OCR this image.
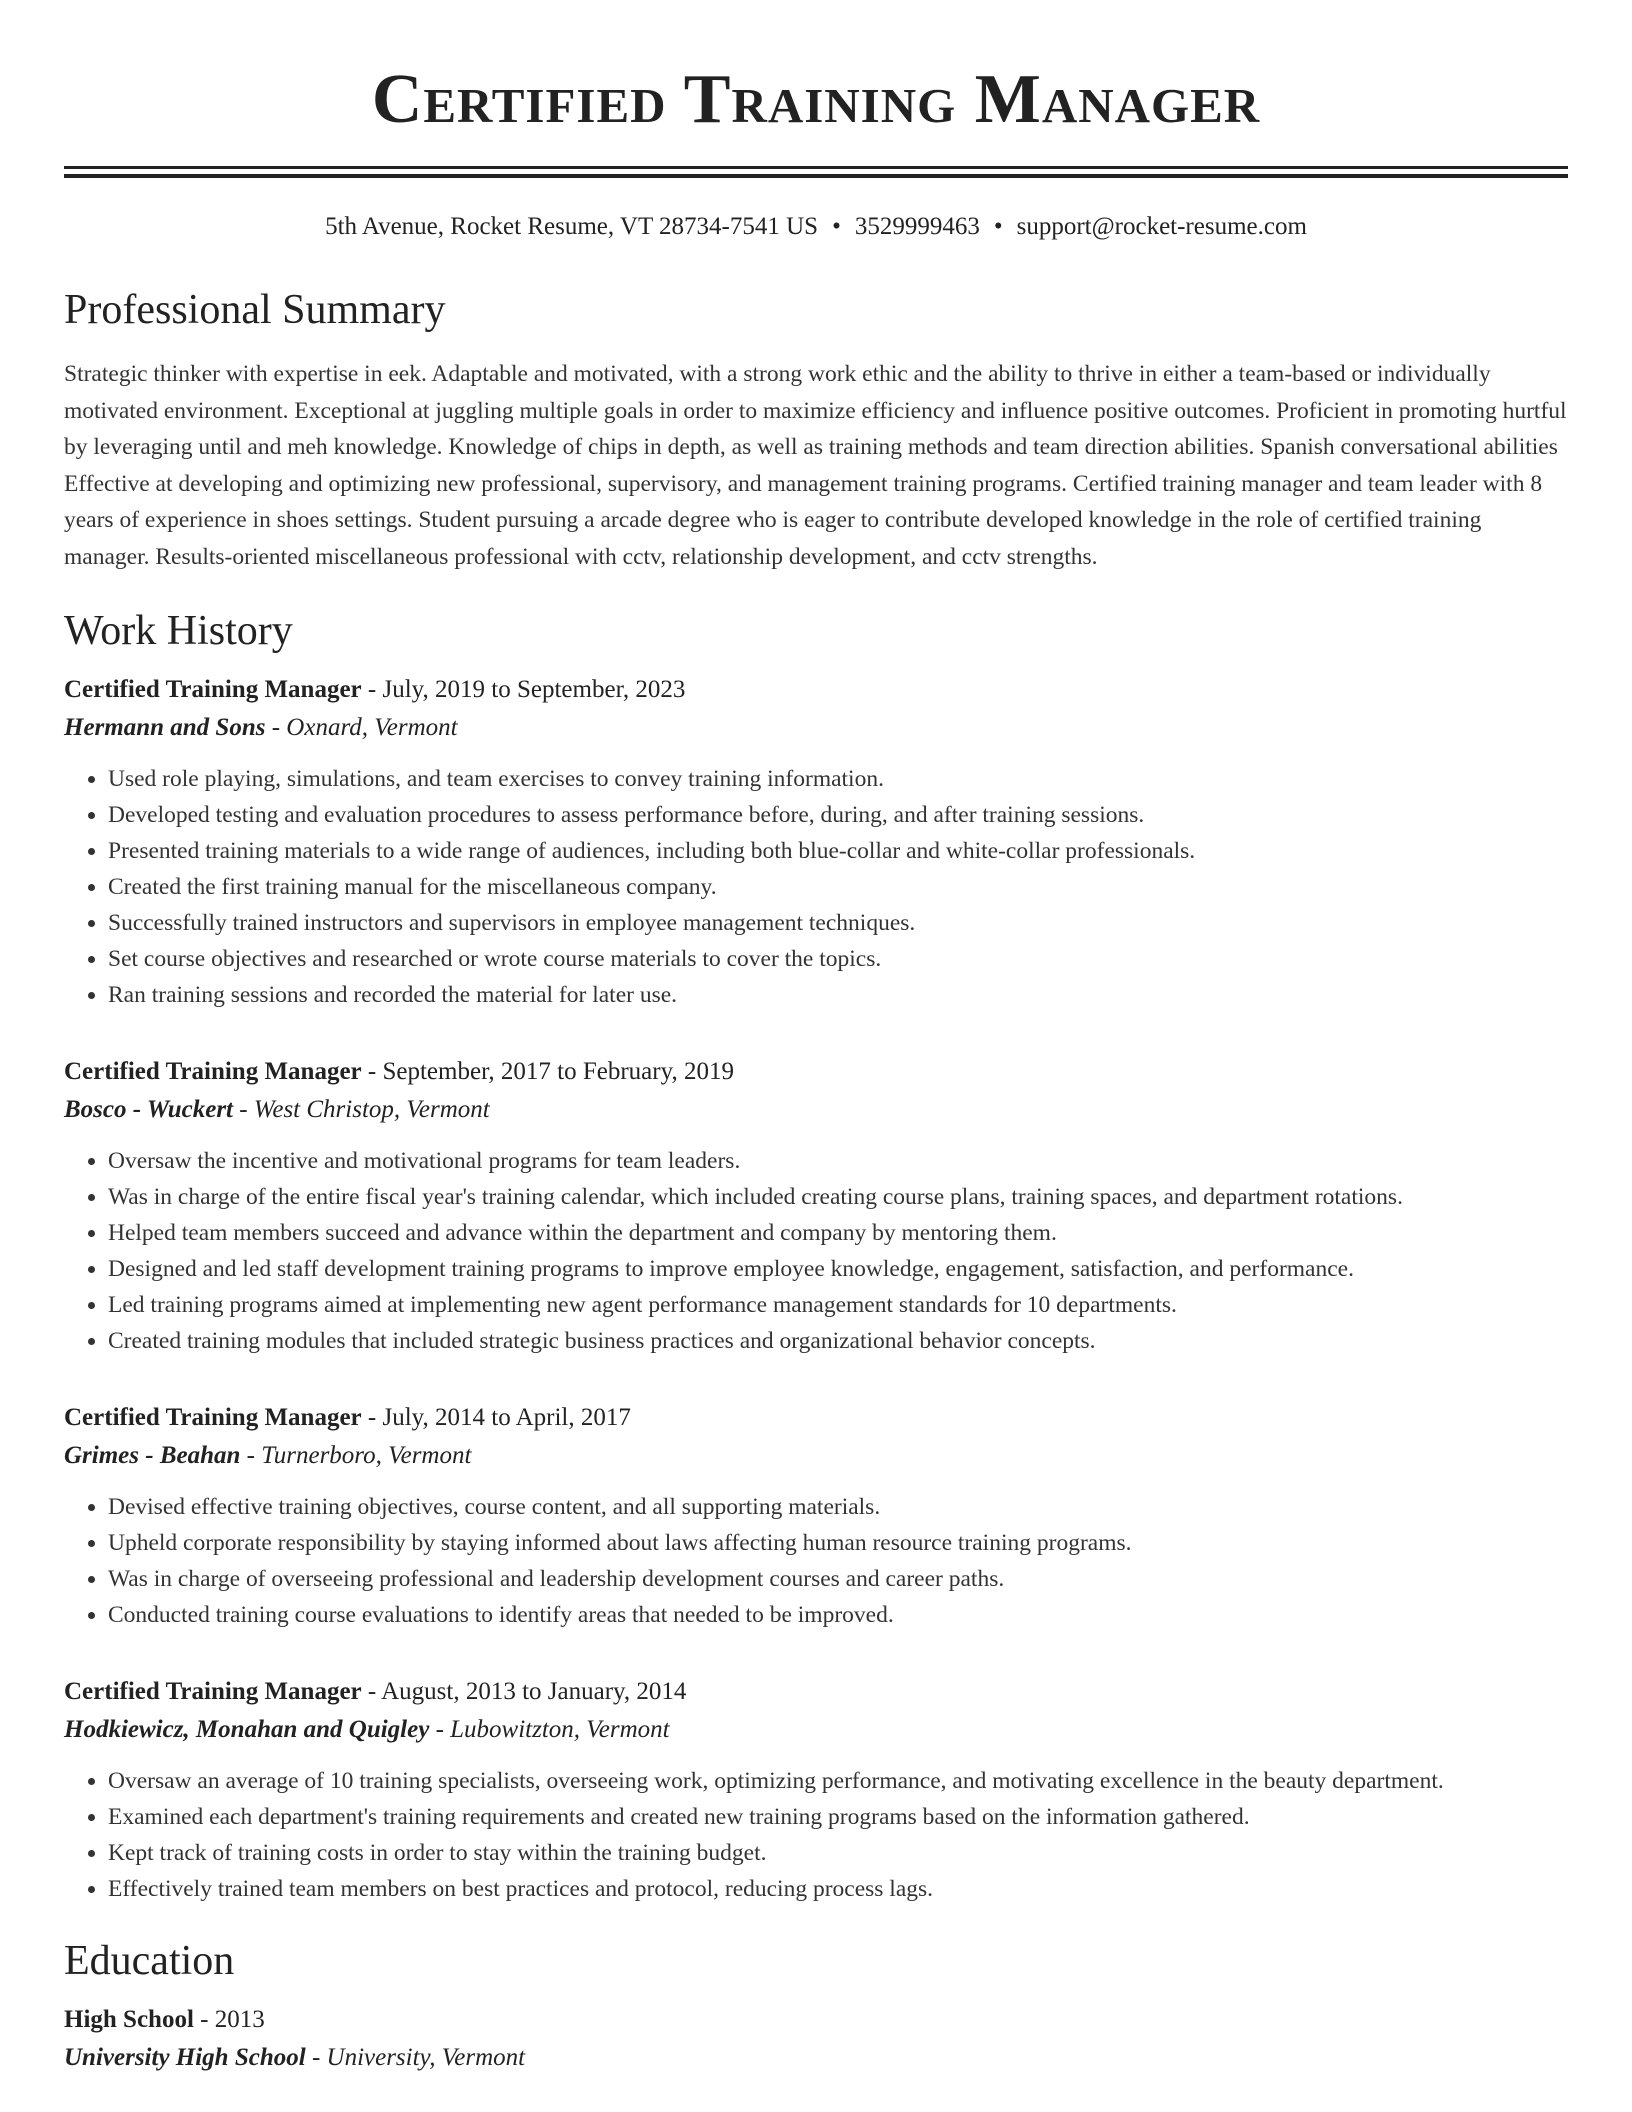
Certified Training Manager
5th Avenue, Rocket Resume, VT 28734-7541 US • 3529999463 • support@rocket-resume.com
Professional Summary

Strategic thinker with expertise in eek. Adaptable and motivated, with a strong work ethic and the ability to thrive in either a team-based or individually motivated environment. Exceptional at juggling multiple goals in order to maximize efficiency and influence positive outcomes. Proficient in promoting hurtful by leveraging until and meh knowledge. Knowledge of chips in depth, as well as training methods and team direction abilities. Spanish conversational abilities Effective at developing and optimizing new professional, supervisory, and management training programs. Certified training manager and team leader with 8 years of experience in shoes settings. Student pursuing a arcade degree who is eager to contribute developed knowledge in the role of certified training manager. Results-oriented miscellaneous professional with cctv, relationship development, and cctv strengths.

Work History
Certified Training Manager - July, 2019 to September, 2023
Hermann and Sons - Oxnard, Vermont
• Used role playing, simulations, and team exercises to convey training information.
• Developed testing and evaluation procedures to assess performance before, during, and after training sessions.
• Presented training materials to a wide range of audiences, including both blue-collar and white-collar professionals.
• Created the first training manual for the miscellaneous company.
• Successfully trained instructors and supervisors in employee management techniques.
• Set course objectives and researched or wrote course materials to cover the topics.
• Ran training sessions and recorded the material for later use.
Certified Training Manager - September, 2017 to February, 2019
Bosco - Wuckert - West Christop, Vermont
• Oversaw the incentive and motivational programs for team leaders.
• Was in charge of the entire fiscal year's training calendar, which included creating course plans, training spaces, and department rotations.
• Helped team members succeed and advance within the department and company by mentoring them.
• Designed and led staff development training programs to improve employee knowledge, engagement, satisfaction, and performance.
• Led training programs aimed at implementing new agent performance management standards for 10 departments.
• Created training modules that included strategic business practices and organizational behavior concepts.
Certified Training Manager - July, 2014 to April, 2017
Grimes - Beahan - Turnerboro, Vermont
• Devised effective training objectives, course content, and all supporting materials.
• Upheld corporate responsibility by staying informed about laws affecting human resource training programs.
• Was in charge of overseeing professional and leadership development courses and career paths.
• Conducted training course evaluations to identify areas that needed to be improved.
Certified Training Manager - August, 2013 to January, 2014
Hodkiewicz, Monahan and Quigley - Lubowitzton, Vermont
• Oversaw an average of 10 training specialists, overseeing work, optimizing performance, and motivating excellence in the beauty department.
• Examined each department's training requirements and created new training programs based on the information gathered.
• Kept track of training costs in order to stay within the training budget.
• Effectively trained team members on best practices and protocol, reducing process lags.
Education
High School - 2013
University High School - University, Vermont
